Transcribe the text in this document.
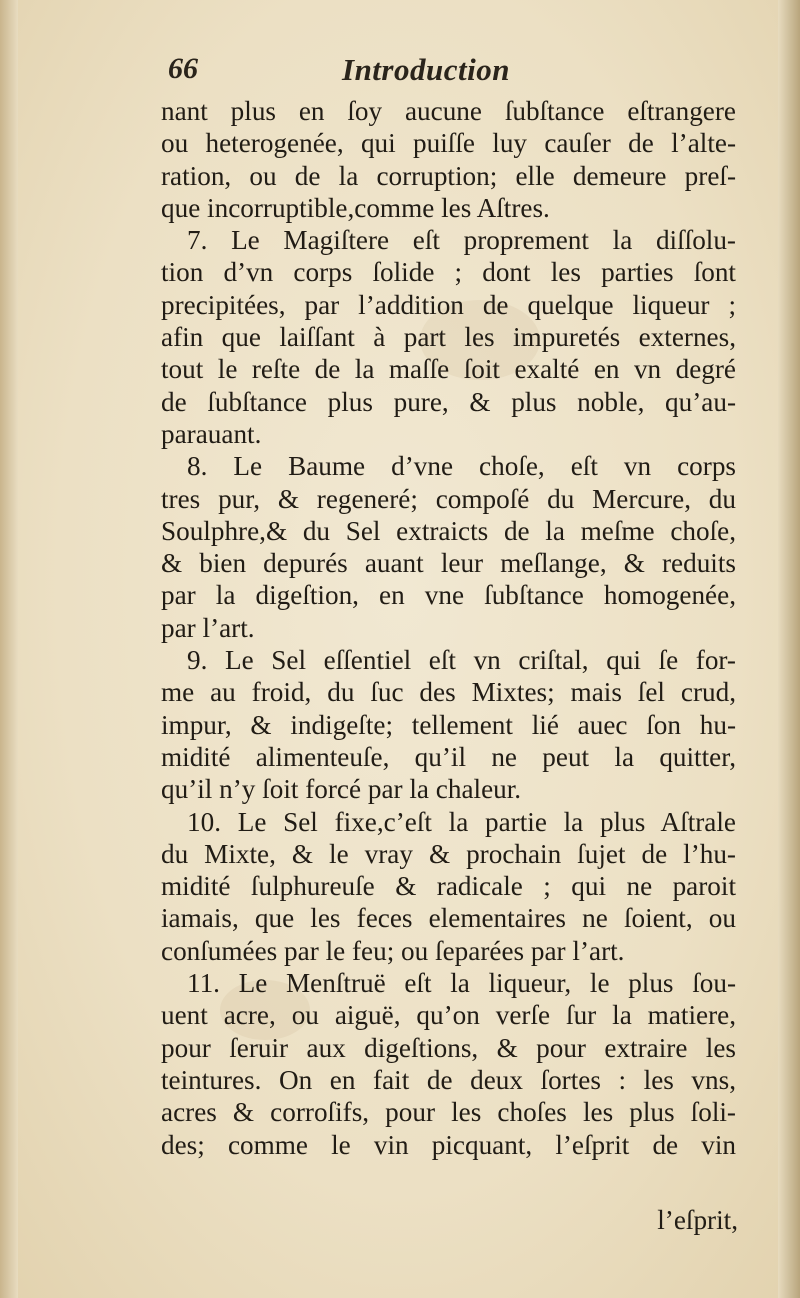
66	Introduction
nant plus en ſoy aucune ſubſtance eſtrangere
ou heterogenée, qui puiſſe luy cauſer de l’alte-
ration, ou de la corruption; elle demeure preſ-
que incorruptible,comme les Aſtres.
7. Le Magiſtere eſt proprement la diſſolu-
tion d’vn corps ſolide ; dont les parties ſont
precipitées, par l’addition de quelque liqueur ;
afin que laiſſant à part les impuretés externes,
tout le reſte de la maſſe ſoit exalté en vn degré
de ſubſtance plus pure, & plus noble, qu’au-
parauant.
8. Le Baume d’vne choſe, eſt vn corps
tres pur, & regeneré; compoſé du Mercure, du
Soulphre,& du Sel extraicts de la meſme choſe,
& bien depurés auant leur meſlange, & reduits
par la digeſtion, en vne ſubſtance homogenée,
par l’art.
9. Le Sel eſſentiel eſt vn criſtal, qui ſe for-
me au froid, du ſuc des Mixtes; mais ſel crud,
impur, & indigeſte; tellement lié auec ſon hu-
midité alimenteuſe, qu’il ne peut la quitter,
qu’il n’y ſoit forcé par la chaleur.
10. Le Sel fixe,c’eſt la partie la plus Aſtrale
du Mixte, & le vray & prochain ſujet de l’hu-
midité ſulphureuſe & radicale ; qui ne paroit
iamais, que les feces elementaires ne ſoient, ou
conſumées par le feu; ou ſeparées par l’art.
11. Le Menſtruë eſt la liqueur, le plus ſou-
uent acre, ou aiguë, qu’on verſe ſur la matiere,
pour ſeruir aux digeſtions, & pour extraire les
teintures. On en fait de deux ſortes : les vns,
acres & corroſifs, pour les choſes les plus ſoli-
des; comme le vin picquant, l’eſprit de vin
l’eſprit,
